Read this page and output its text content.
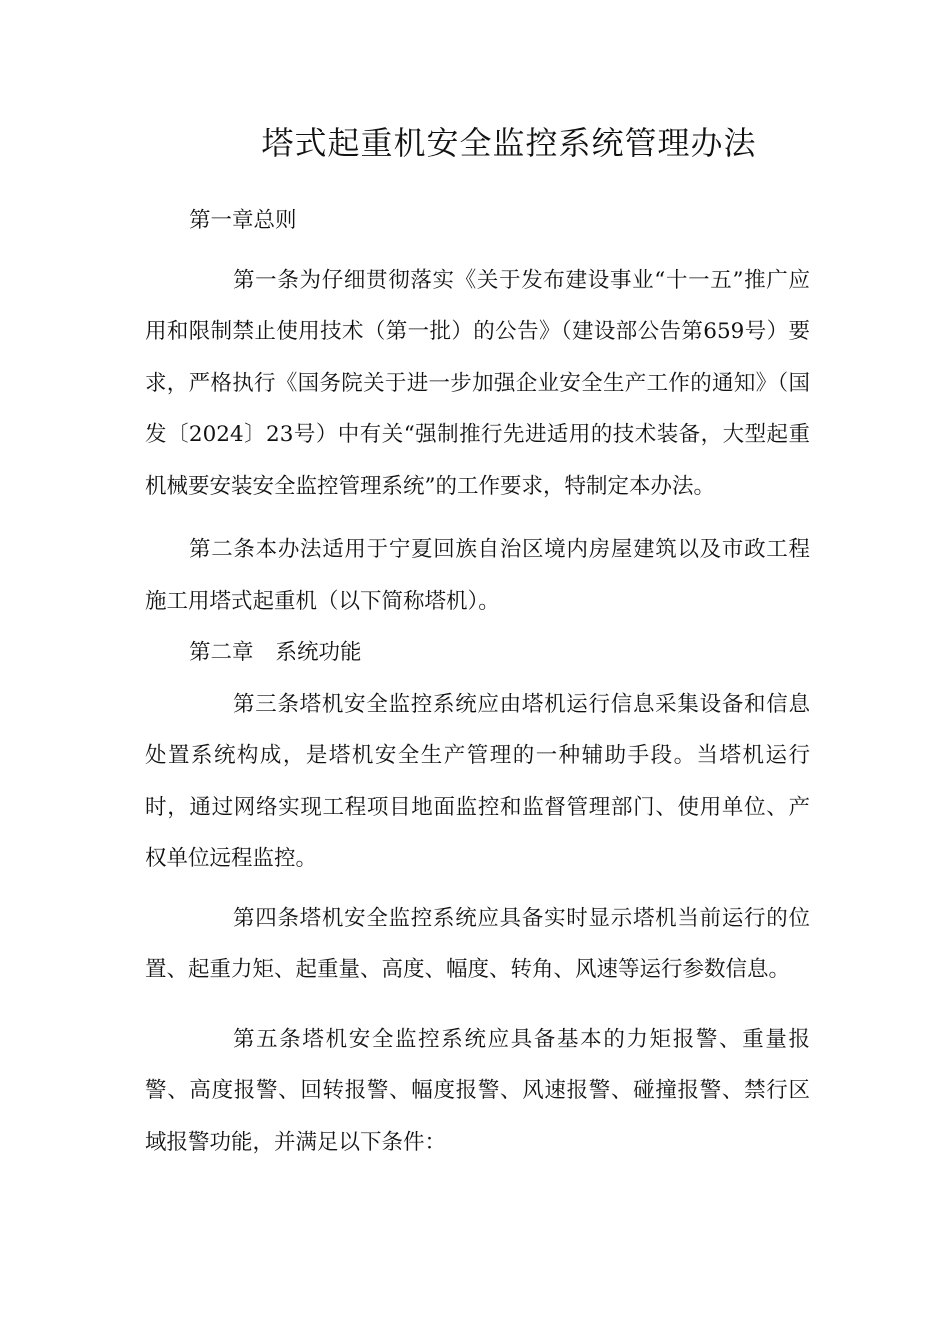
塔式起重机安全监控系统管理办法

第一章总则

第一条为仔细贯彻落实《关于发布建设事业“十一五”推广应用和限制禁止使用技术（第一批）的公告》（建设部公告第659号）要求，严格执行《国务院关于进一步加强企业安全生产工作的通知》（国发〔2024〕23号）中有关“强制推行先进适用的技术装备，大型起重机械要安装安全监控管理系统”的工作要求，特制定本办法。

第二条本办法适用于宁夏回族自治区境内房屋建筑以及市政工程施工用塔式起重机（以下简称塔机）。

第二章 系统功能

第三条塔机安全监控系统应由塔机运行信息采集设备和信息处置系统构成，是塔机安全生产管理的一种辅助手段。当塔机运行时，通过网络实现工程项目地面监控和监督管理部门、使用单位、产权单位远程监控。

第四条塔机安全监控系统应具备实时显示塔机当前运行的位置、起重力矩、起重量、高度、幅度、转角、风速等运行参数信息。

第五条塔机安全监控系统应具备基本的力矩报警、重量报警、高度报警、回转报警、幅度报警、风速报警、碰撞报警、禁行区域报警功能，并满足以下条件：
